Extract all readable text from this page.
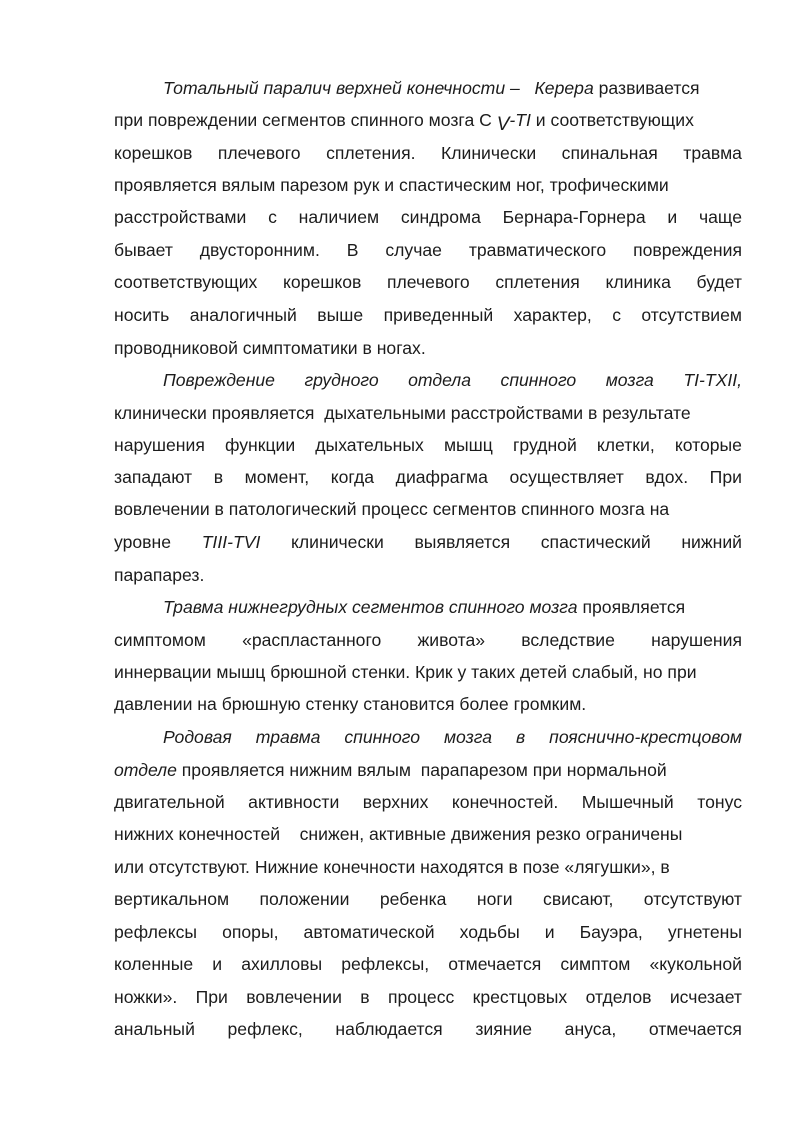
Тотальный паралич верхней конечности –   Керера развивается
при повреждении сегментов спинного мозга С V-TI и соответствующих
корешков плечевого сплетения. Клинически спинальная травма
проявляется вялым парезом рук и спастическим ног, трофическими
расстройствами с наличием синдрома Бернара-Горнера и чаще
бывает двусторонним. В случае травматического повреждения
соответствующих корешков плечевого сплетения клиника будет
носить аналогичный выше приведенный характер, с отсутствием
проводниковой симптоматики в ногах.
Повреждение грудного отдела спинного мозга TI-TXII,
клинически проявляется  дыхательными расстройствами в результате
нарушения функции дыхательных мышц грудной клетки, которые
западают в момент, когда диафрагма осуществляет вдох. При
вовлечении в патологический процесс сегментов спинного мозга на
уровне TIII-TVI клинически выявляется спастический нижний
парапарез.
Травма нижнегрудных сегментов спинного мозга проявляется
симптомом «распластанного живота» вследствие нарушения
иннервации мышц брюшной стенки. Крик у таких детей слабый, но при
давлении на брюшную стенку становится более громким.
Родовая травма спинного мозга в пояснично-крестцовом
отделе проявляется нижним вялым  парапарезом при нормальной
двигательной активности верхних конечностей. Мышечный тонус
нижних конечностей    снижен, активные движения резко ограничены
или отсутствуют. Нижние конечности находятся в позе «лягушки», в
вертикальном положении ребенка ноги свисают, отсутствуют
рефлексы опоры, автоматической ходьбы и Бауэра, угнетены
коленные и ахилловы рефлексы, отмечается симптом «кукольной
ножки». При вовлечении в процесс крестцовых отделов исчезает
анальный рефлекс, наблюдается зияние ануса, отмечается
